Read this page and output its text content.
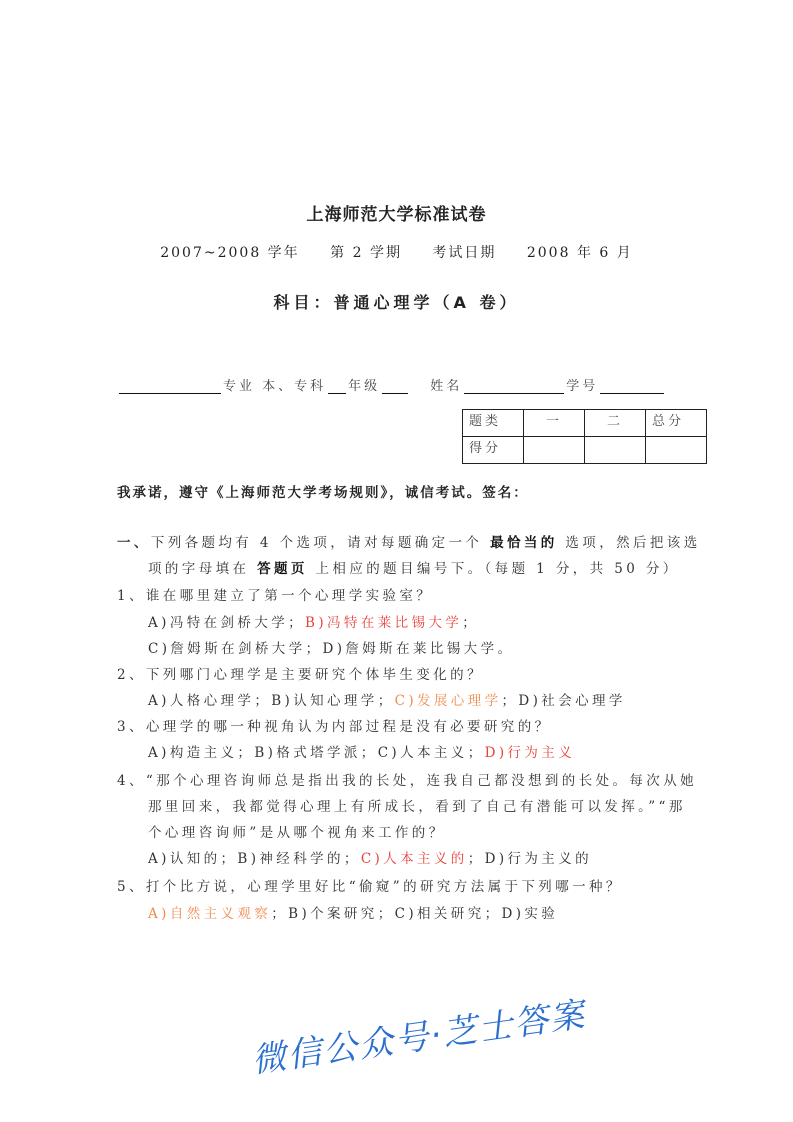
上海师范大学标准试卷
2007~2008 学年 第 2 学期 考试日期 2008 年 6 月
科目：普通心理学（A 卷）
专业
本、专科 年级	姓名	学号
题类	一	二	总分
得分			
我承诺，遵守《上海师范大学考场规则》，诚信考试。签名：
一、下列各题均有 4 个选项，请对每题确定一个 最恰当的 选项，然后把该选
项的字母填在 答题页 上相应的题目编号下。（每题 1 分，共 50 分）
1、谁在哪里建立了第一个心理学实验室？
A)冯特在剑桥大学；B)冯特在莱比锡大学；
C)詹姆斯在剑桥大学；D)詹姆斯在莱比锡大学。
2、下列哪门心理学是主要研究个体毕生变化的？
A)人格心理学；B)认知心理学；C)发展心理学；D)社会心理学
3、心理学的哪一种视角认为内部过程是没有必要研究的？
A)构造主义；B)格式塔学派；C)人本主义；D)行为主义
4、“那个心理咨询师总是指出我的长处，连我自己都没想到的长处。每次从她
那里回来，我都觉得心理上有所成长，看到了自己有潜能可以发挥。”“那
个心理咨询师”是从哪个视角来工作的？
A)认知的；B)神经科学的；C)人本主义的；D)行为主义的
5、打个比方说，心理学里好比“偷窥”的研究方法属于下列哪一种？
A)自然主义观察；B)个案研究；C)相关研究；D)实验
微信公众号·芝士答案
